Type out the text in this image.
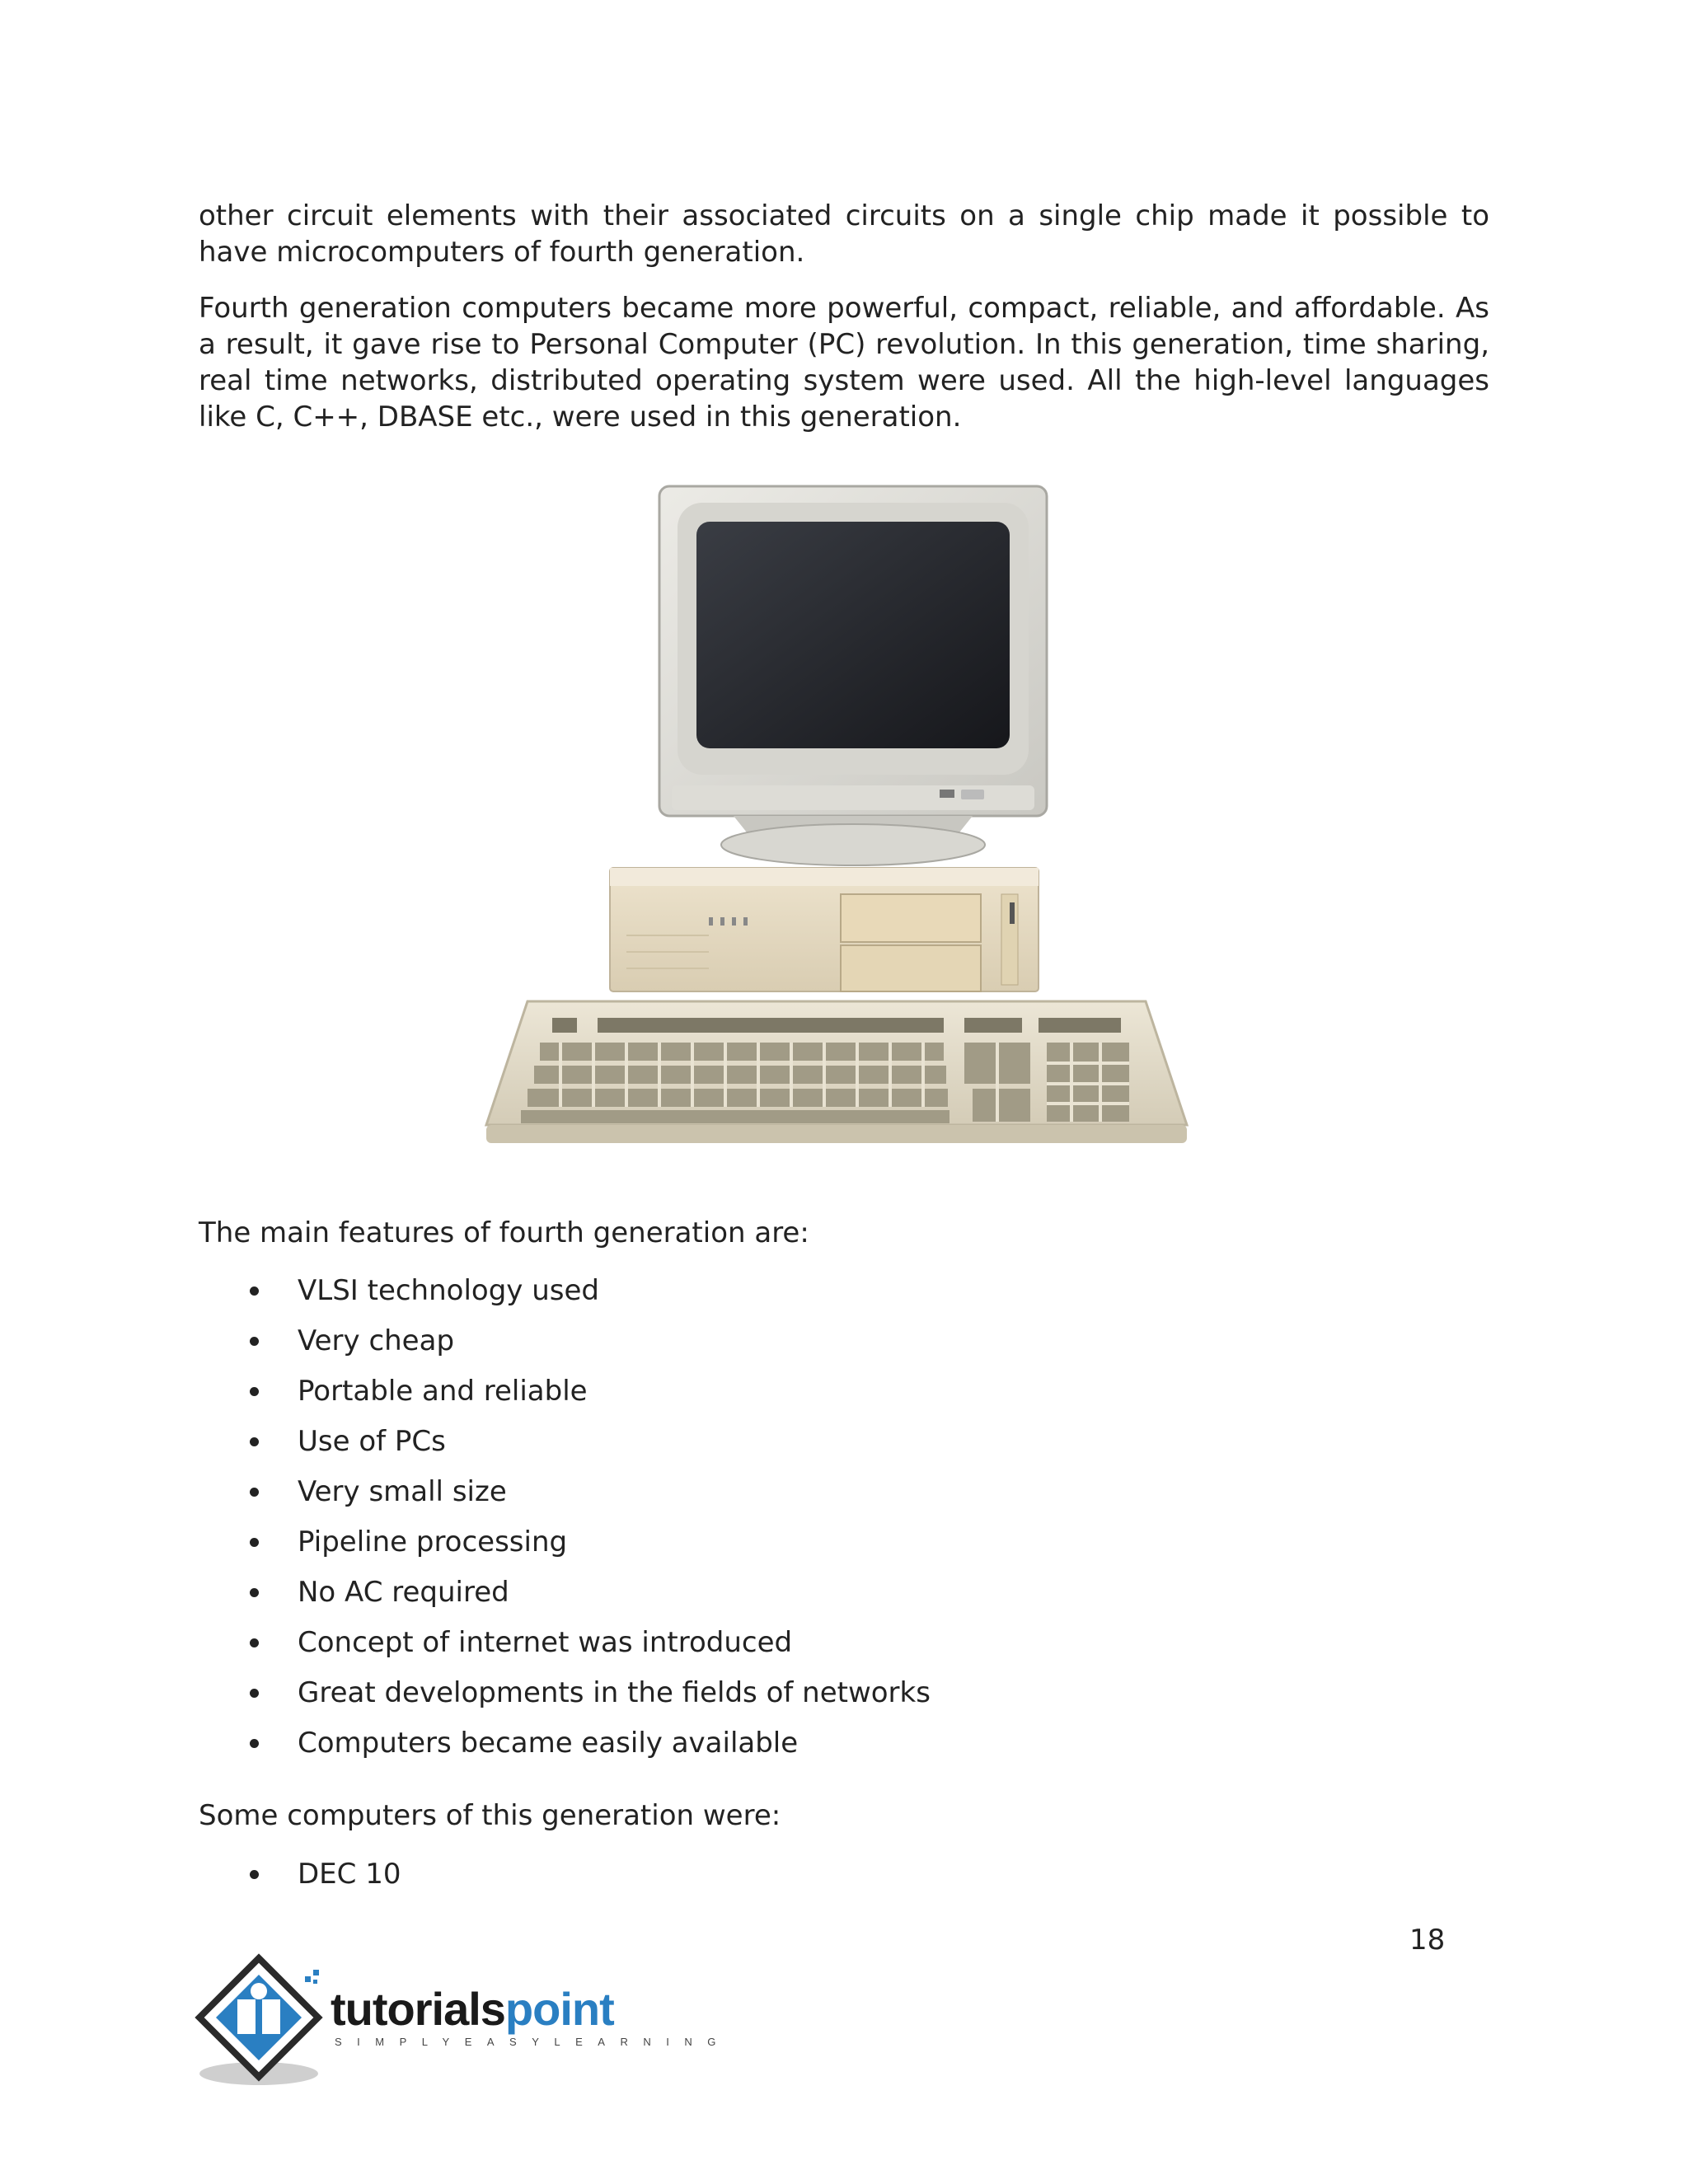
other circuit elements with their associated circuits on a single chip made it possible to have microcomputers of fourth generation.

Fourth generation computers became more powerful, compact, reliable, and affordable. As a result, it gave rise to Personal Computer (PC) revolution. In this generation, time sharing, real time networks, distributed operating system were used. All the high-level languages like C, C++, DBASE etc., were used in this generation.

The main features of fourth generation are:

VLSI technology used
Very cheap
Portable and reliable
Use of PCs
Very small size
Pipeline processing
No AC required
Concept of internet was introduced
Great developments in the fields of networks
Computers became easily available

Some computers of this generation were:

DEC 10
18
tutorialspoint
SIMPLYEASYLEARNING
